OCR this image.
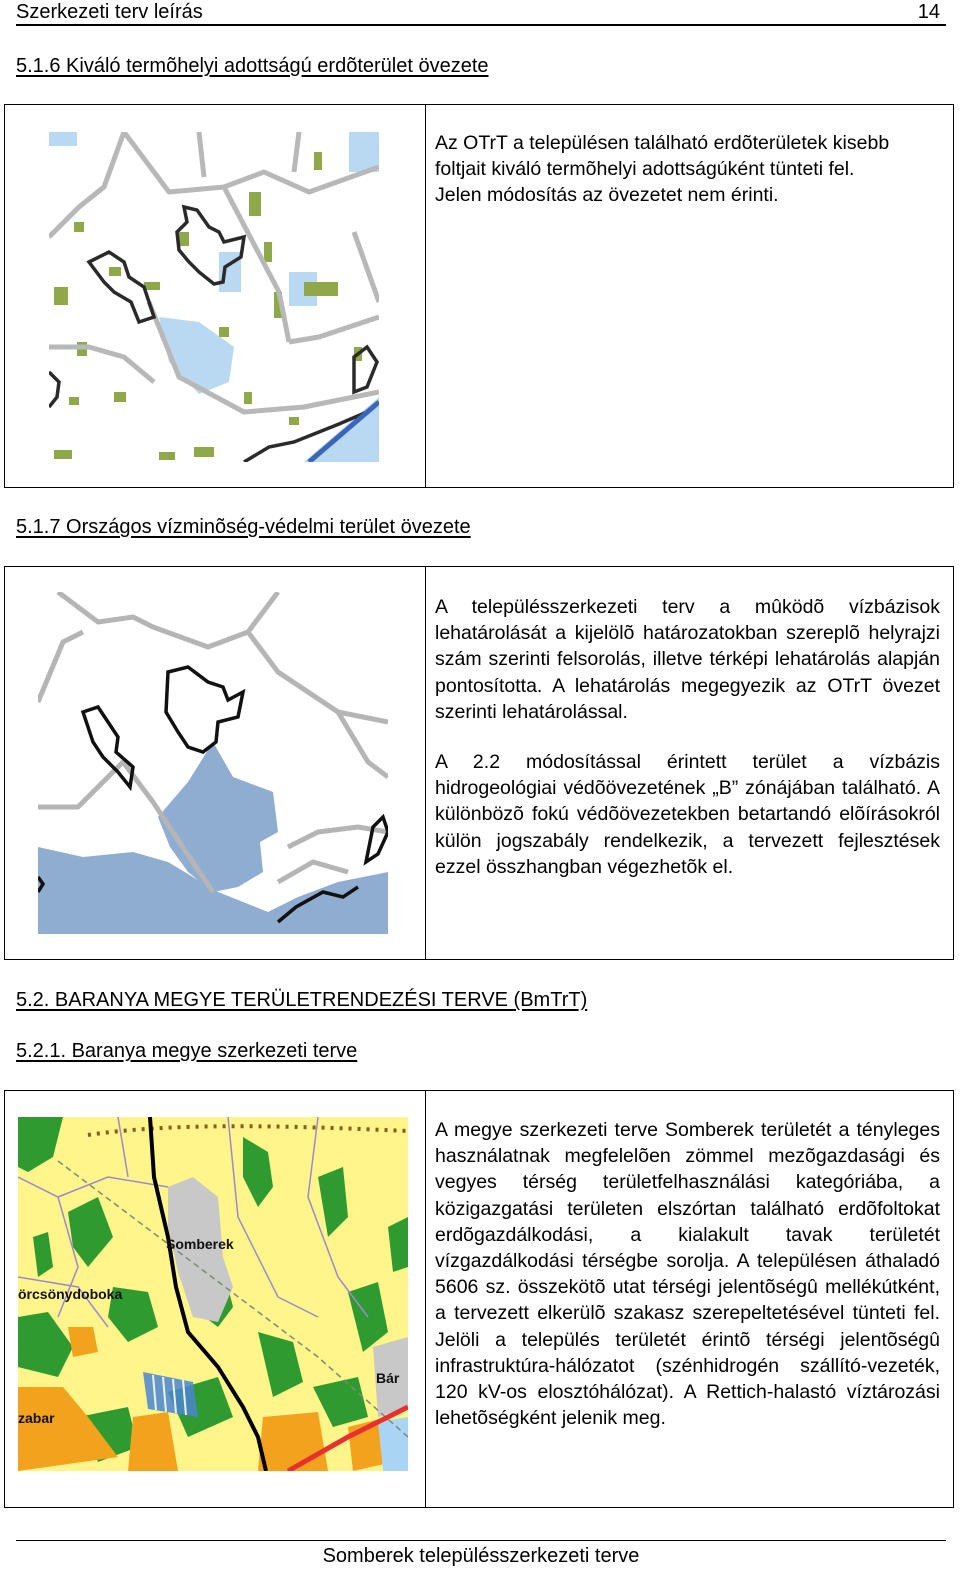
Szerkezeti terv leírás	14
5.1.6 Kiváló termõhelyi adottságú erdõterület övezete

Az OTrT a településen található erdõterületek kisebb foltjait kiváló termõhelyi adottságúként tünteti fel.

Jelen módosítás az övezetet nem érinti.

5.1.7 Országos vízminõség-védelmi terület övezete

A településszerkezeti terv a mûködõ vízbázisok lehatárolását a kijelölõ határozatokban szereplõ helyrajzi szám szerinti felsorolás, illetve térképi lehatárolás alapján pontosította. A lehatárolás megegyezik az OTrT övezet szerinti lehatárolással.

A 2.2 módosítással érintett terület a vízbázis hidrogeológiai védõövezetének „B” zónájában található. A különbözõ fokú védõövezetekben betartandó elõírásokról külön jogszabály rendelkezik, a tervezett fejlesztések ezzel összhangban végezhetõk el.

5.2. BARANYA MEGYE TERÜLETRENDEZÉSI TERVE (BmTrT)
5.2.1. Baranya megye szerkezeti terve
Somberek
örcsönydoboka
Bár
zabar

A megye szerkezeti terve Somberek területét a tényleges használatnak megfelelõen zömmel mezõgazdasági és vegyes térség területfelhasználási kategóriába, a közigazgatási területen elszórtan található erdõfoltokat erdõgazdálkodási, a kialakult tavak területét vízgazdálkodási térségbe sorolja. A településen áthaladó 5606 sz. összekötõ utat térségi jelentõségû mellékútként, a tervezett elkerülõ szakasz szerepeltetésével tünteti fel. Jelöli a település területét érintõ térségi jelentõségû infrastruktúra-hálózatot (szénhidrogén szállító-vezeték, 120 kV-os elosztóhálózat). A Rettich-halastó víztározási lehetõségként jelenik meg.

Somberek településszerkezeti terve
